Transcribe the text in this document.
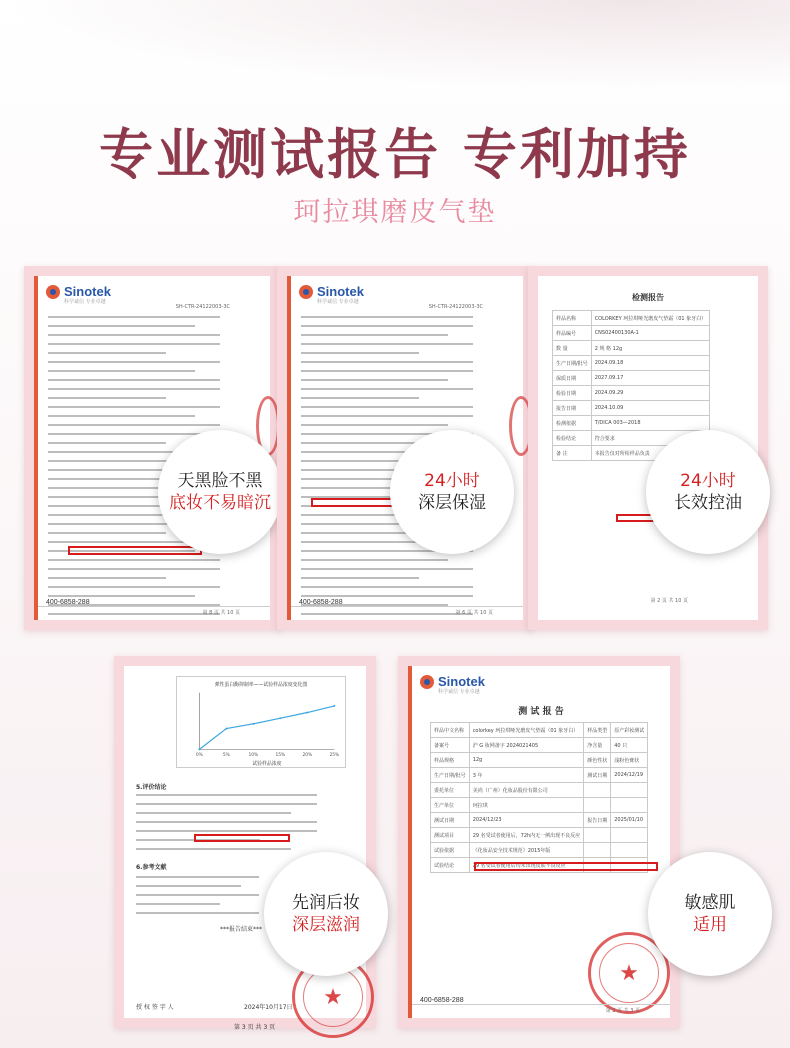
专业测试报告 专利加持
珂拉琪磨皮气垫
Sinotek
科学诚信 专业卓越
SH-CTR-24122003-3C
400-6858-288
第 8 页 共 10 页
天黑脸不黑
底妆不易暗沉
Sinotek
科学诚信 专业卓越
SH-CTR-24122003-3C
400-6858-288
第 6 页 共 10 页
24小时
深层保湿
检测报告
样品名称	COLORKEY 珂拉琪哑光磨皮气垫霜（01 象牙白）
样品编号	CNS02400130A-1
数 量	2 规 格 12g
生产日期/批号	2024.09.18
保质日期	2027.09.17
检验日期	2024.09.29
报告日期	2024.10.09
检测依据	T/DICA 003—2018
检验结论	符合要求
备 注	本报告仅对所检样品负责
第 2 页 共 10 页
24小时
长效控油
弹性蛋白酶抑制率——试验样品浓度变化图
0%	5%	10%	15%	20%	25%
试验样品浓度
5.评价结论
6.参考文献
***报告结束***
授 权 签 字 人	2024年10月17日
第 3 页 共 3 页
★
先润后妆
深层滋润
Sinotek
科学诚信 专业卓越
测 试 报 告
样品中文名称	colorkey 珂拉琪哑光磨皮气垫霜（01 象牙白）	样品类型	原产彩妆测试
备案号	沪 G 妆网备字 2024021405	净含量	40 只
样品规格	12g	颜色性状	浅粉色膏状
生产日期/批号	3 年	测试日期	2024/12/19
委托单位	美尚（广州）化妆品股份有限公司		
生产单位	珂拉琪		
测试日期	2024/12/23	报告日期	2025/01/10
测试项目	29 名受试者使用后，72h内无一例出现不良反应		
试验依据	《化妆品安全技术规范》2015年版		
试验结论	29 名受试者使用后均未出现皮肤不良反应		
★
400-6858-288
第 2 页 共 3 页
敏感肌
适用
